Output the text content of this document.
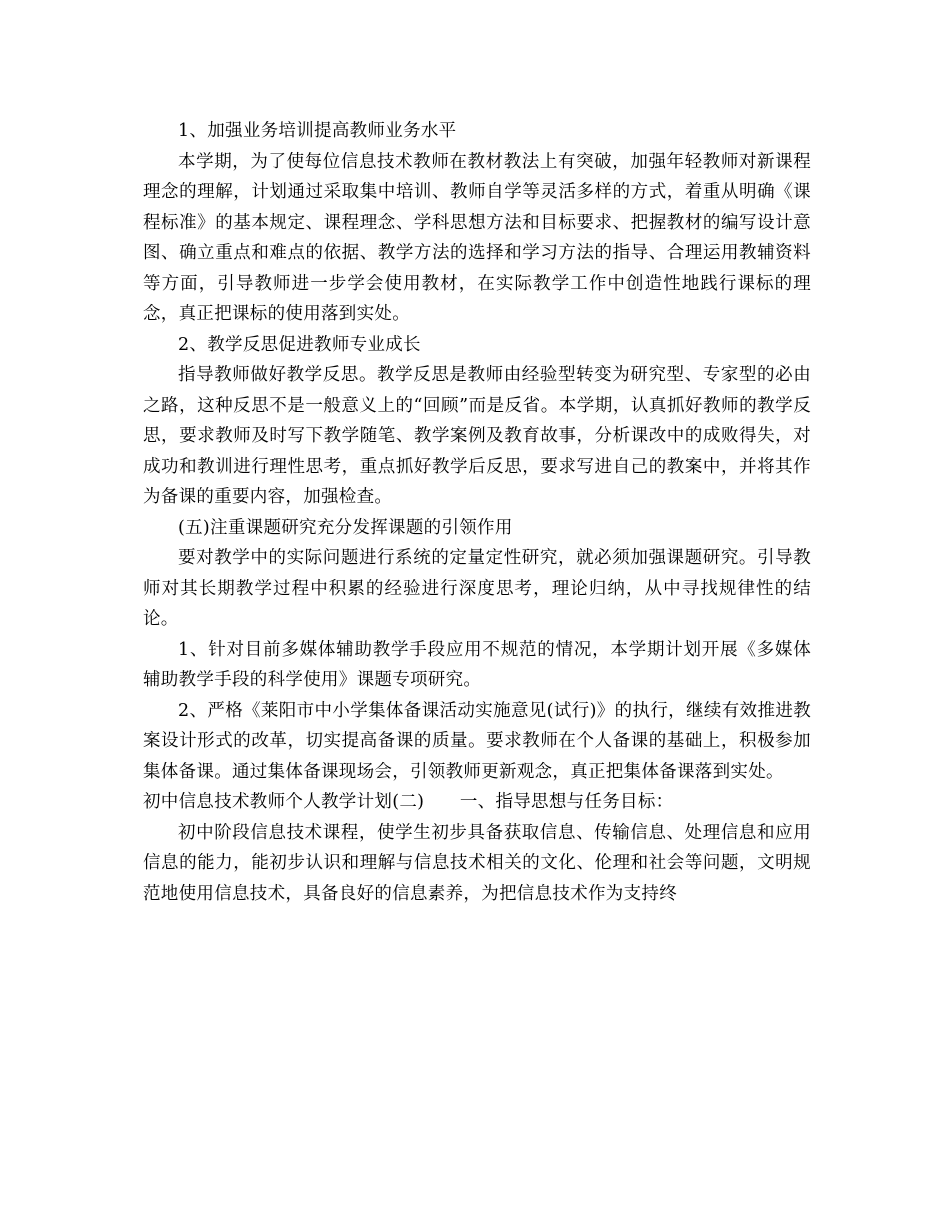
1、加强业务培训提高教师业务水平

本学期，为了使每位信息技术教师在教材教法上有突破，加强年轻教师对新课程理念的理解，计划通过采取集中培训、教师自学等灵活多样的方式，着重从明确《课程标准》的基本规定、课程理念、学科思想方法和目标要求、把握教材的编写设计意图、确立重点和难点的依据、教学方法的选择和学习方法的指导、合理运用教辅资料等方面，引导教师进一步学会使用教材，在实际教学工作中创造性地践行课标的理念，真正把课标的使用落到实处。

2、教学反思促进教师专业成长

指导教师做好教学反思。教学反思是教师由经验型转变为研究型、专家型的必由之路，这种反思不是一般意义上的“回顾”而是反省。本学期，认真抓好教师的教学反思，要求教师及时写下教学随笔、教学案例及教育故事，分析课改中的成败得失，对成功和教训进行理性思考，重点抓好教学后反思，要求写进自己的教案中，并将其作为备课的重要内容，加强检查。

(五)注重课题研究充分发挥课题的引领作用

要对教学中的实际问题进行系统的定量定性研究，就必须加强课题研究。引导教师对其长期教学过程中积累的经验进行深度思考，理论归纳，从中寻找规律性的结论。

1、针对目前多媒体辅助教学手段应用不规范的情况，本学期计划开展《多媒体辅助教学手段的科学使用》课题专项研究。

2、严格《莱阳市中小学集体备课活动实施意见(试行)》的执行，继续有效推进教案设计形式的改革，切实提高备课的质量。要求教师在个人备课的基础上，积极参加集体备课。通过集体备课现场会，引领教师更新观念，真正把集体备课落到实处。

初中信息技术教师个人教学计划(二)　　一、指导思想与任务目标：

初中阶段信息技术课程，使学生初步具备获取信息、传输信息、处理信息和应用信息的能力，能初步认识和理解与信息技术相关的文化、伦理和社会等问题，文明规范地使用信息技术，具备良好的信息素养，为把信息技术作为支持终
